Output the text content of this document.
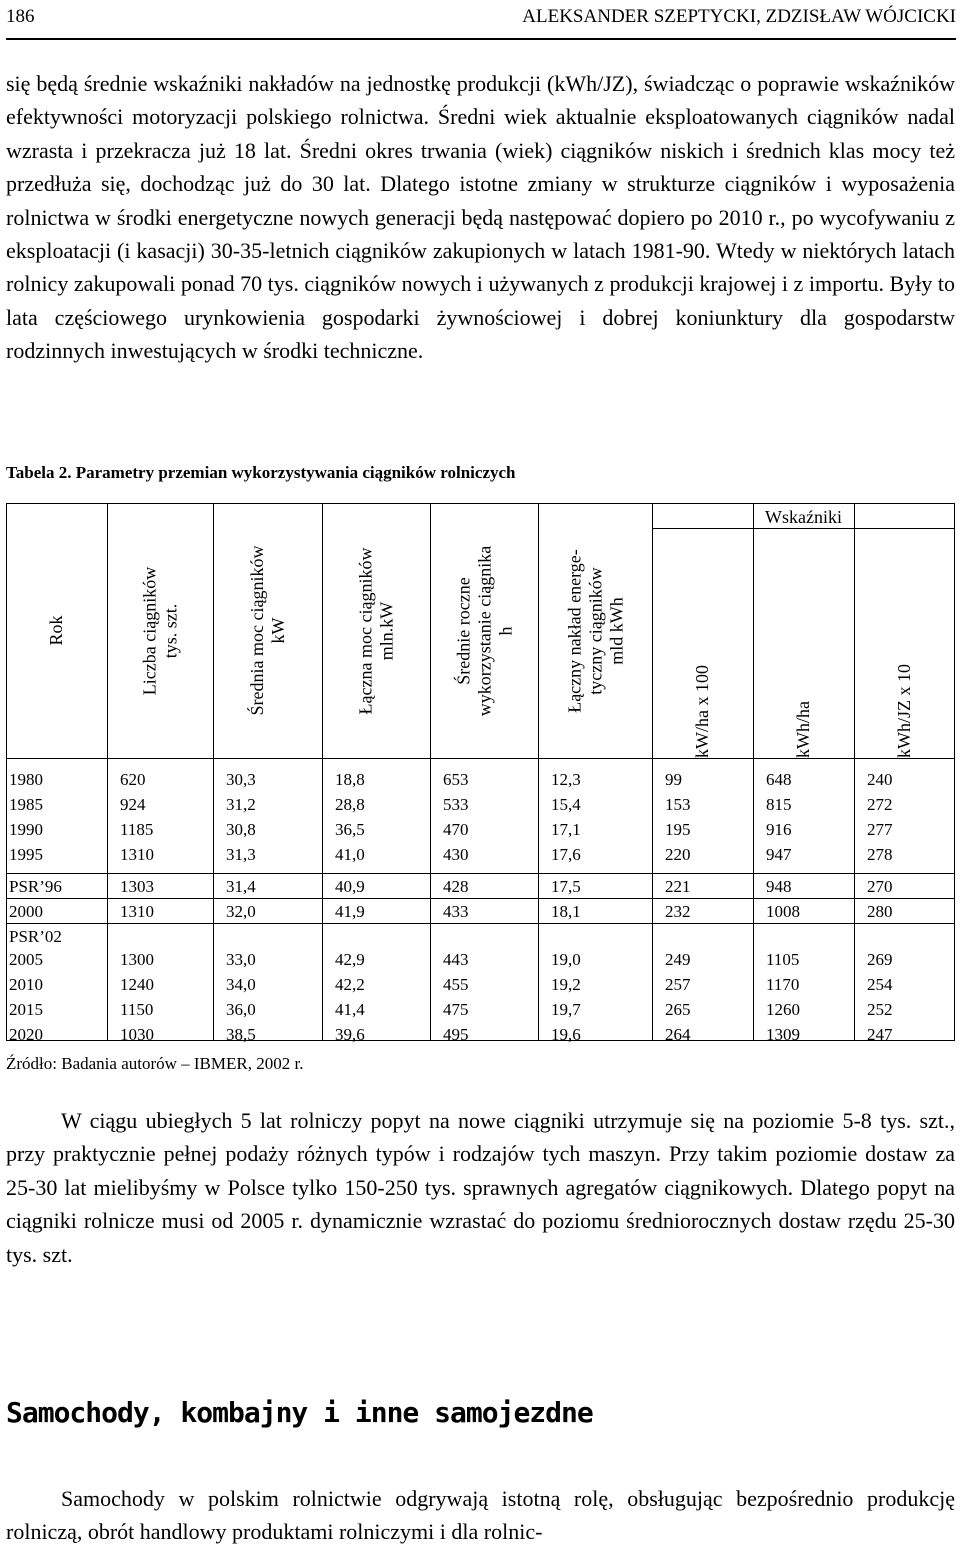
186	ALEKSANDER SZEPTYCKI, ZDZISŁAW WÓJCICKI

się będą średnie wskaźniki nakładów na jednostkę produkcji (kWh/JZ), świadcząc o poprawie wskaźników efektywności motoryzacji polskiego rolnictwa. Średni wiek aktualnie eksploatowanych ciągników nadal wzrasta i przekracza już 18 lat. Średni okres trwania (wiek) ciągników niskich i średnich klas mocy też przedłuża się, dochodząc już do 30 lat. Dlatego istotne zmiany w strukturze ciągników i wyposażenia rolnictwa w środki energetyczne nowych generacji będą następować dopiero po 2010 r., po wycofywaniu z eksploatacji (i kasacji) 30-35-letnich ciągników zakupionych w latach 1981-90. Wtedy w niektórych latach rolnicy zakupowali ponad 70 tys. ciągników nowych i używanych z produkcji krajowej i z importu. Były to lata częściowego urynkowienia gospodarki żywnościowej i dobrej koniunktury dla gospodarstw rodzinnych inwestujących w środki techniczne.

Tabela 2. Parametry przemian wykorzystywania ciągników rolniczych
Wskaźniki
Rok	Liczba ciągników tys. szt.	Średnia moc ciągników kW	Łączna moc ciągników mln.kW	Średnie roczne wykorzystanie ciągnika h	Łączny nakład energe- tyczny ciągników mld kWh
kW/ha x 100	kWh/ha	kWh/JZ x 10
1980	620	30,3	18,8	653	12,3	99	648	240
1985	924	31,2	28,8	533	15,4	153	815	272
1990	1185	30,8	36,5	470	17,1	195	916	277
1995	1310	31,3	41,0	430	17,6	220	947	278
PSR’96	1303	31,4	40,9	428	17,5	221	948	270
2000	1310	32,0	41,9	433	18,1	232	1008	280
PSR’02
2005	1300	33,0	42,9	443	19,0	249	1105	269
2010	1240	34,0	42,2	455	19,2	257	1170	254
2015	1150	36,0	41,4	475	19,7	265	1260	252
2020	1030	38,5	39,6	495	19,6	264	1309	247
Źródło: Badania autorów – IBMER, 2002 r.

W ciągu ubiegłych 5 lat rolniczy popyt na nowe ciągniki utrzymuje się na poziomie 5-8 tys. szt., przy praktycznie pełnej podaży różnych typów i rodzajów tych maszyn. Przy takim poziomie dostaw za 25-30 lat mielibyśmy w Polsce tylko 150-250 tys. sprawnych agregatów ciągnikowych. Dlatego popyt na ciągniki rolnicze musi od 2005 r. dynamicznie wzrastać do poziomu średniorocznych dostaw rzędu 25-30 tys. szt.

Samochody, kombajny i inne samojezdne

Samochody w polskim rolnictwie odgrywają istotną rolę, obsługując bezpośrednio produkcję rolniczą, obrót handlowy produktami rolniczymi i dla rolnic-
